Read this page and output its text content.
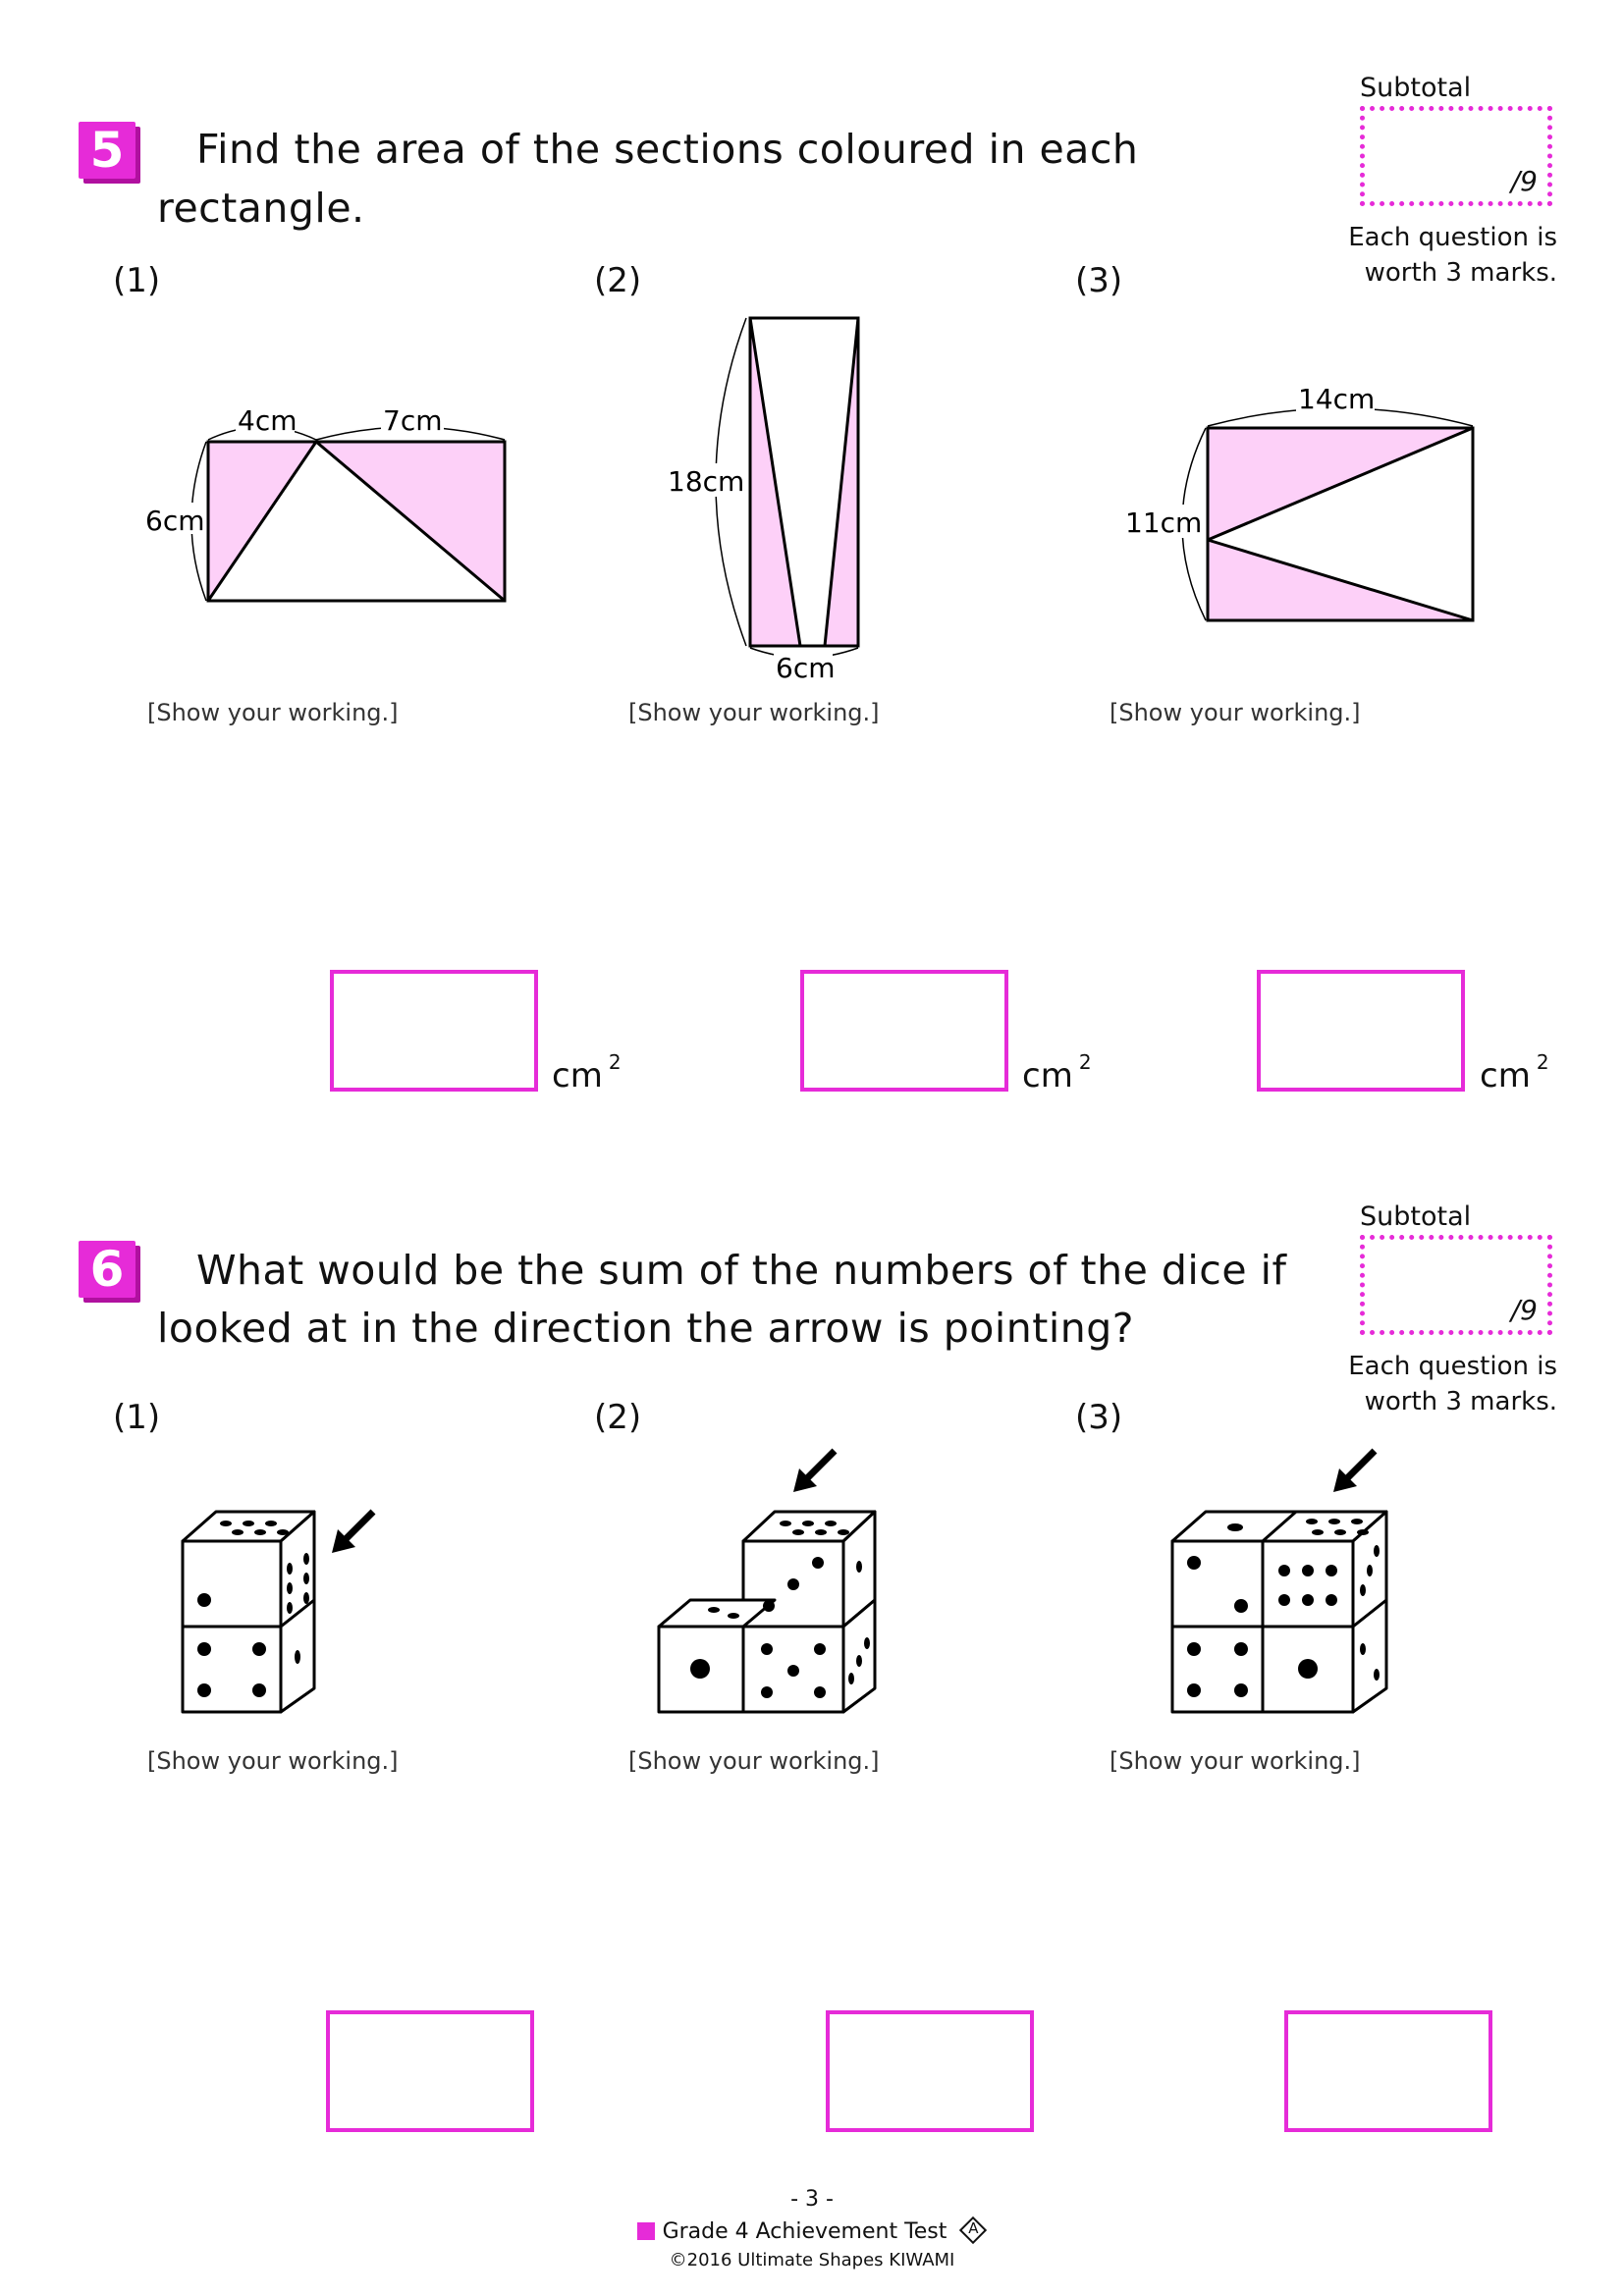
5 Find the area of the sections coloured in each
rectangle.
Subtotal
/9
Each question is
worth 3 marks.
(1)	(2)	(3)
4cm	7cm
6cm
18cm
6cm
14cm
11cm
[Show your working.]	[Show your working.]	[Show your working.]
cm $^2$	cm $^2$	cm $^2$
6 What would be the sum of the numbers of the dice if
looked at in the direction the arrow is pointing?
Subtotal
/9
Each question is
worth 3 marks.
(1)	(2)	(3)
[Show your working.]	[Show your working.]	[Show your working.]
- 3 -
Grade 4 Achievement Test	A
©2016 Ultimate Shapes KIWAMI
